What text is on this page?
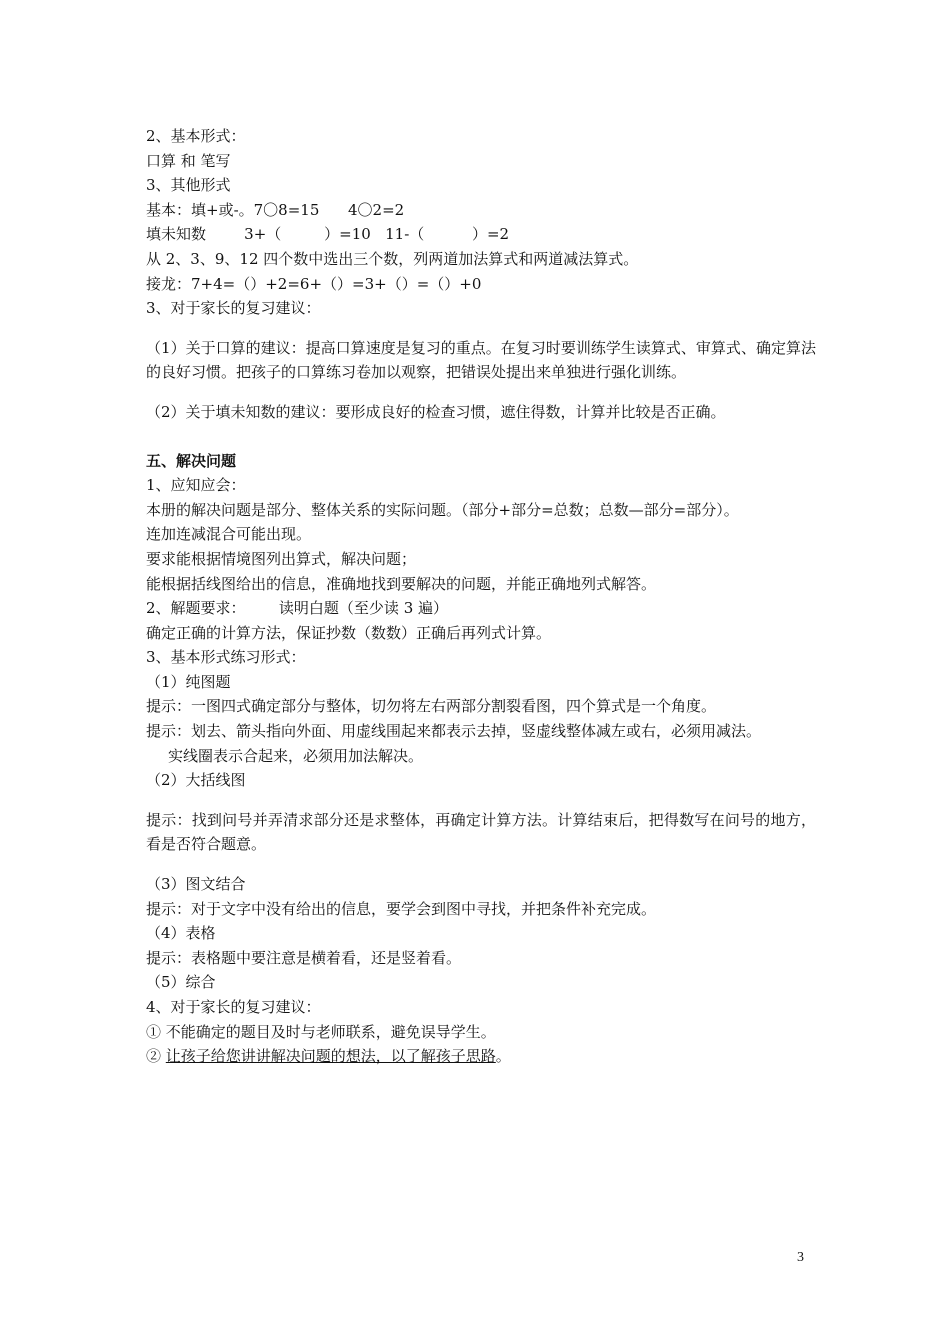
2、基本形式：

口算 和 笔写

3、其他形式

基本：填+或-。7〇8=15      4〇2=2

填未知数        3+（         ）=10   11-（          ）=2

从 2、3、9、12 四个数中选出三个数，列两道加法算式和两道减法算式。

接龙：7+4=（）+2=6+（）=3+（）=（）+0

3、对于家长的复习建议：

（1）关于口算的建议：提高口算速度是复习的重点。在复习时要训练学生读算式、审算式、确定算法的良好习惯。把孩子的口算练习卷加以观察，把错误处提出来单独进行强化训练。

（2）关于填未知数的建议：要形成良好的检查习惯，遮住得数，计算并比较是否正确。

五、解决问题

1、应知应会：

本册的解决问题是部分、整体关系的实际问题。（部分+部分=总数；总数—部分=部分）。

连加连减混合可能出现。

要求能根据情境图列出算式，解决问题；

能根据括线图给出的信息，准确地找到要解决的问题，并能正确地列式解答。

2、解题要求：       读明白题（至少读 3 遍）

确定正确的计算方法，保证抄数（数数）正确后再列式计算。

3、基本形式练习形式：

（1）纯图题

提示：一图四式确定部分与整体，切勿将左右两部分割裂看图，四个算式是一个角度。

提示：划去、箭头指向外面、用虚线围起来都表示去掉，竖虚线整体减左或右，必须用减法。

实线圈表示合起来，必须用加法解决。

（2）大括线图

提示：找到问号并弄清求部分还是求整体，再确定计算方法。计算结束后，把得数写在问号的地方，看是否符合题意。

（3）图文结合

提示：对于文字中没有给出的信息，要学会到图中寻找，并把条件补充完成。

（4）表格

提示：表格题中要注意是横着看，还是竖着看。

（5）综合

4、对于家长的复习建议：

① 不能确定的题目及时与老师联系，避免误导学生。

② 让孩子给您讲讲解决问题的想法，以了解孩子思路。

3
